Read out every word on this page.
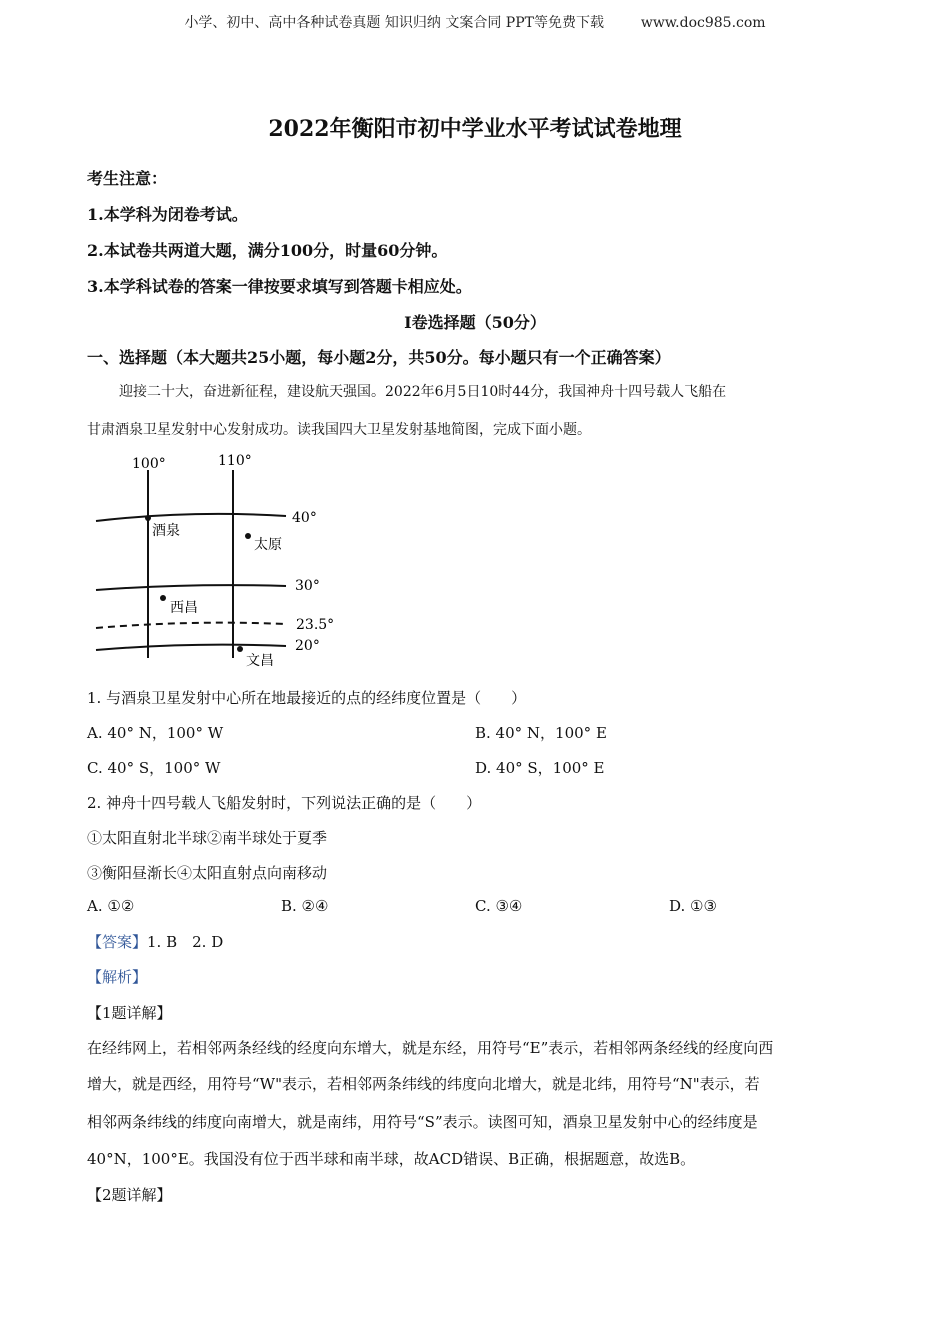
小学、初中、高中各种试卷真题 知识归纳 文案合同 PPT等免费下载	www.doc985.com
2022年衡阳市初中学业水平考试试卷地理
考生注意：
1.本学科为闭卷考试。
2.本试卷共两道大题，满分100分，时量60分钟。
3.本学科试卷的答案一律按要求填写到答题卡相应处。
Ⅰ卷选择题（50分）
一、选择题（本大题共25小题，每小题2分，共50分。每小题只有一个正确答案）
迎接二十大，奋进新征程，建设航天强国。2022年6月5日10时44分，我国神舟十四号载人飞船在
甘肃酒泉卫星发射中心发射成功。读我国四大卫星发射基地简图，完成下面小题。
100°	110°
40°
30°
23.5°
20°
酒泉
太原
西昌
文昌
1. 与酒泉卫星发射中心所在地最接近的点的经纬度位置是（　　）
A. 40° N，100° W	B. 40° N，100° E
C. 40° S，100° W	D. 40° S，100° E
2. 神舟十四号载人飞船发射时，下列说法正确的是（　　）
①太阳直射北半球②南半球处于夏季
③衡阳昼渐长④太阳直射点向南移动
A. ①②	B. ②④	C. ③④	D. ①③
【答案】1. B　2. D
【解析】
【1题详解】
在经纬网上，若相邻两条经线的经度向东增大，就是东经，用符号“E”表示，若相邻两条经线的经度向西
增大，就是西经，用符号“W"表示，若相邻两条纬线的纬度向北增大，就是北纬，用符号“N"表示，若
相邻两条纬线的纬度向南增大，就是南纬，用符号“S”表示。读图可知，酒泉卫星发射中心的经纬度是
40°N，100°E。我国没有位于西半球和南半球，故ACD错误、B正确，根据题意，故选B。
【2题详解】
